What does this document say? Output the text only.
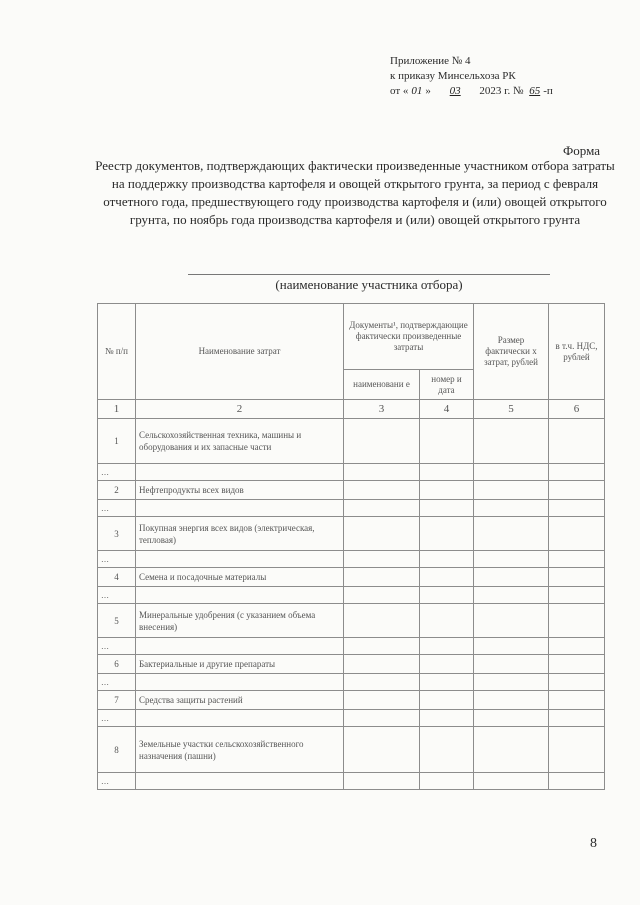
Приложение № 4
к приказу Минсельхоза РК
от « 01 » 03 2023 г. № 65 -п
Форма
Реестр документов, подтверждающих фактически произведенные участником отбора затраты на поддержку производства картофеля и овощей открытого грунта, за период с февраля отчетного года, предшествующего году производства картофеля и (или) овощей открытого грунта, по ноябрь года производства картофеля и (или) овощей открытого грунта
(наименование участника отбора)
№ п/п	Наименование затрат	Документы¹, подтверждающие фактически произведенные затраты		Размер фактически х затрат, рублей	в т.ч. НДС, рублей
		наименовани е	номер и дата		
1	2	3	4	5	6
1	Сельскохозяйственная техника, машины и оборудования и их запасные части				
…					
2	Нефтепродукты всех видов				
…					
3	Покупная энергия всех видов (электрическая, тепловая)				
…					
4	Семена и посадочные материалы				
…					
5	Минеральные удобрения (с указанием объема внесения)				
…					
6	Бактериальные и другие препараты				
…					
7	Средства защиты растений				
…					
8	Земельные участки сельскохозяйственного назначения (пашни)				
…					
8
